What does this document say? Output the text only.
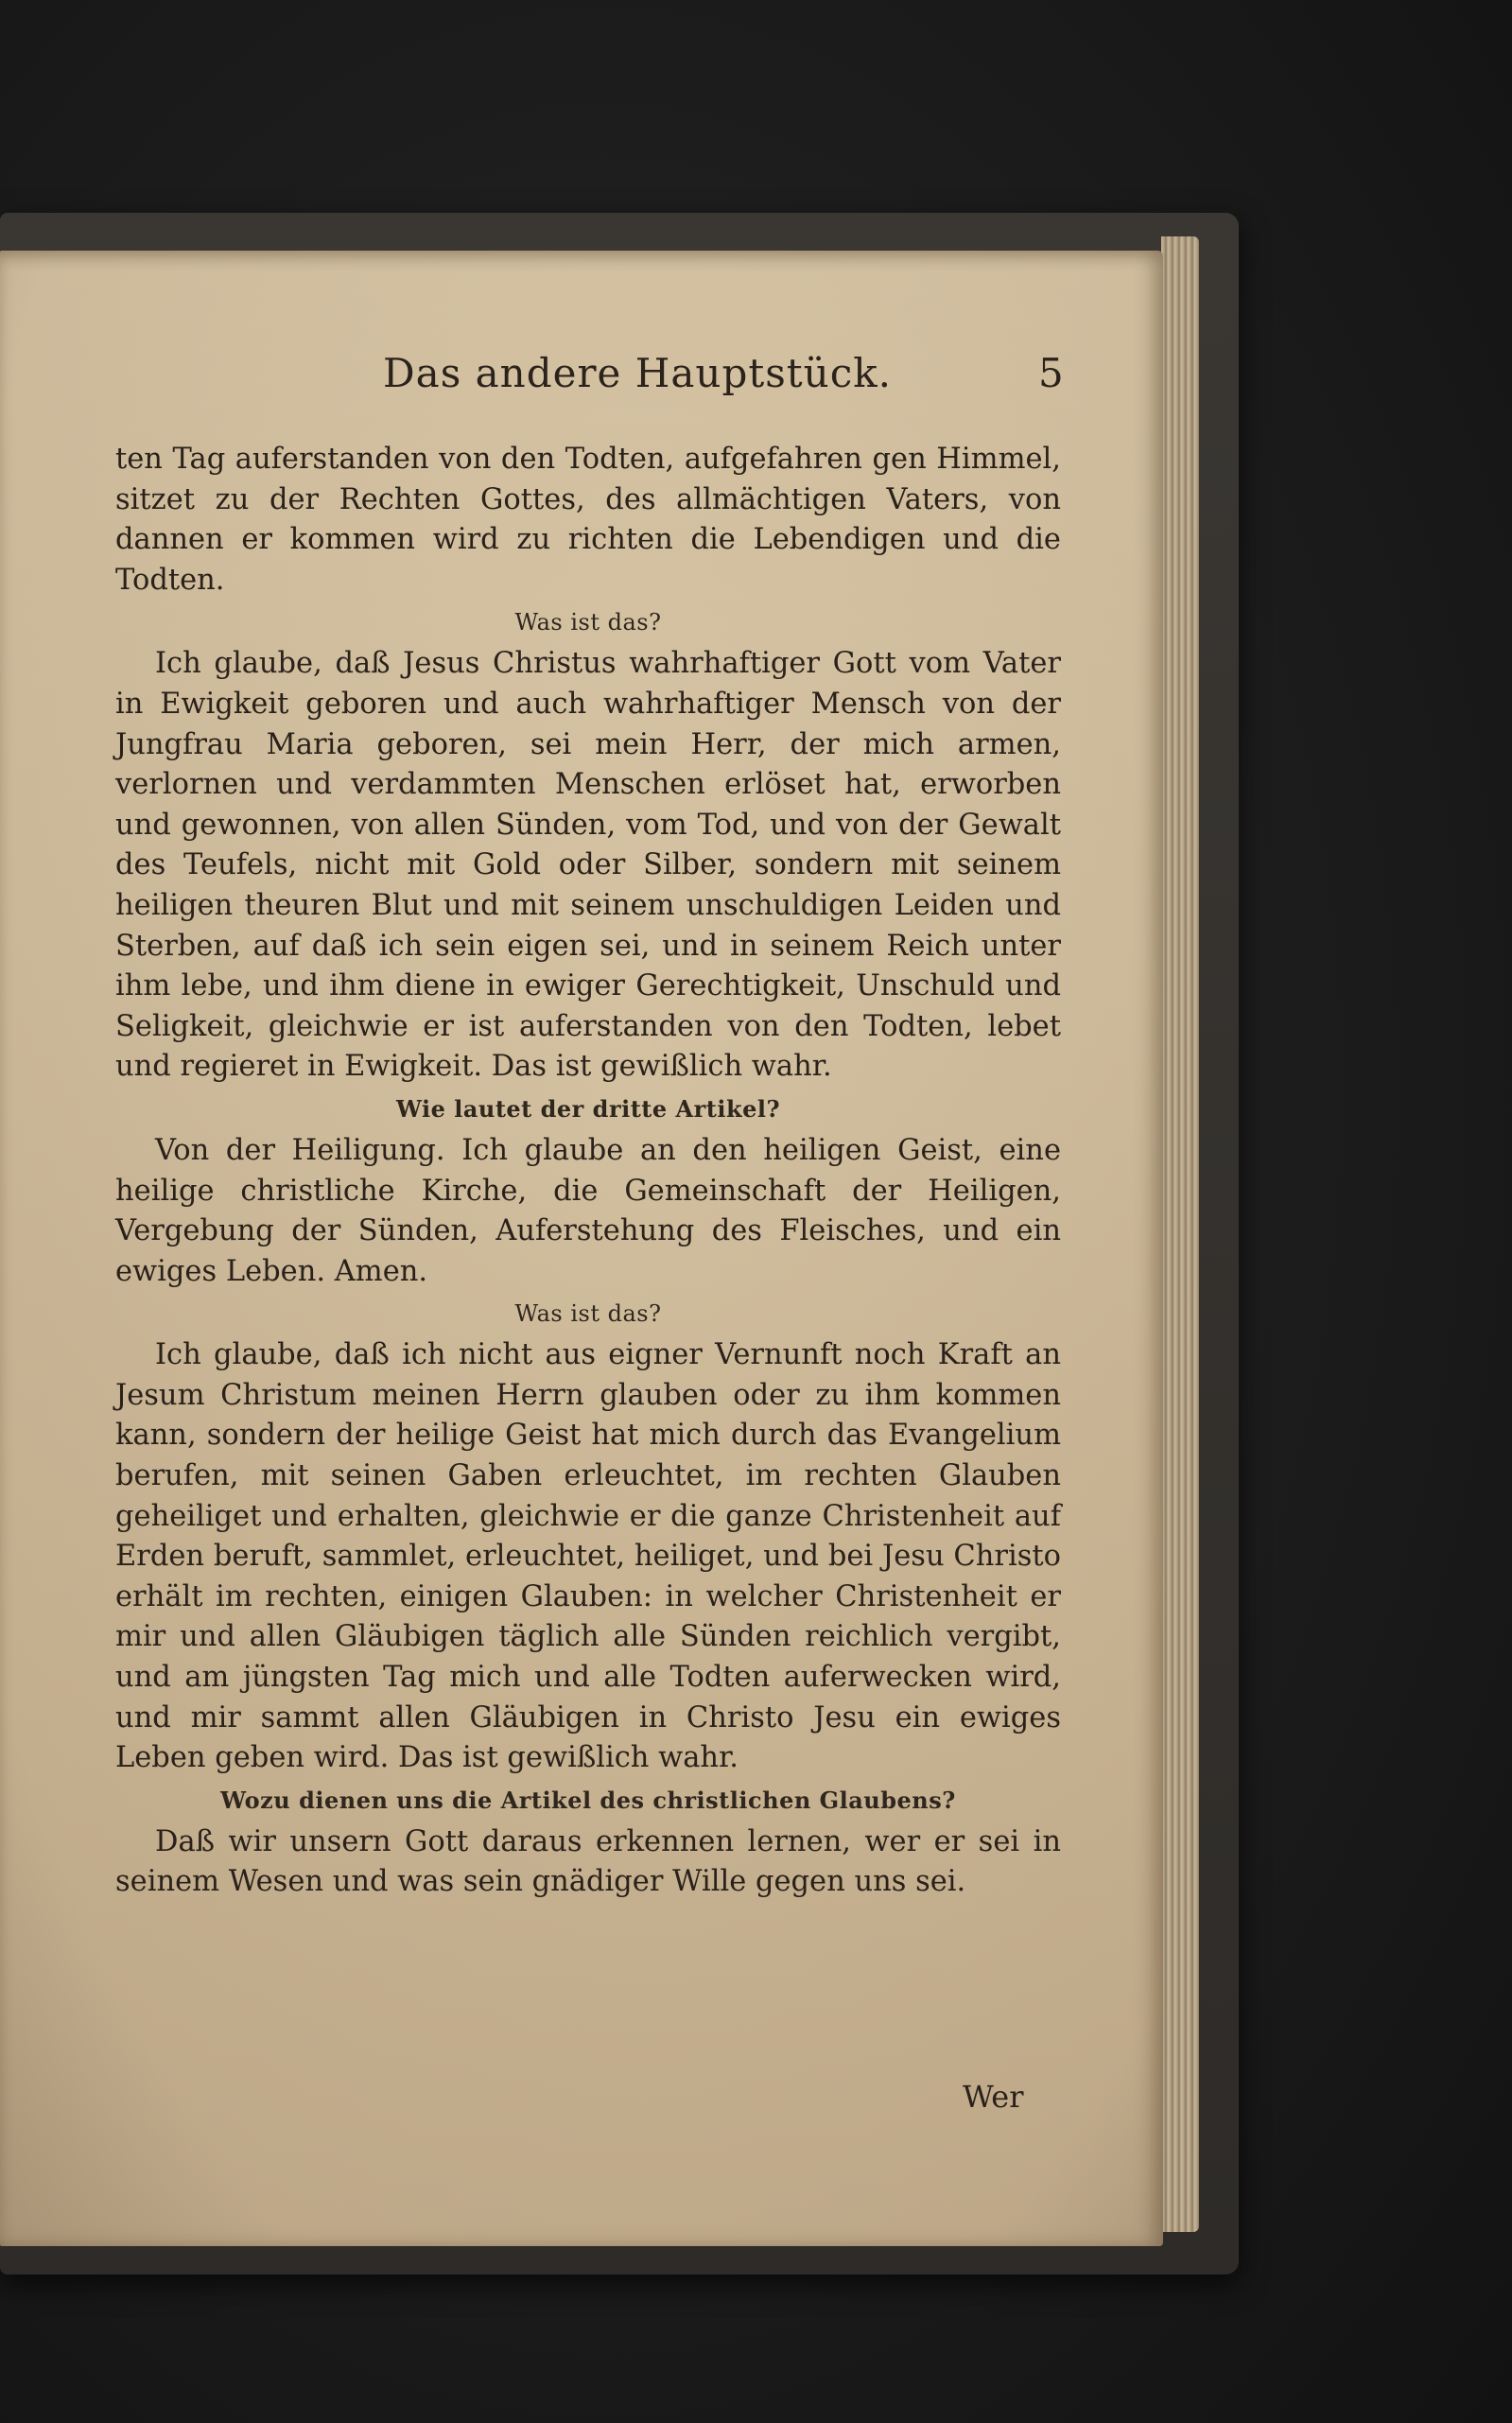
Das andere Hauptstück.	5

ten Tag auferstanden von den Todten, aufgefahren gen Himmel, sitzet zu der Rechten Gottes, des allmächtigen Vaters, von dannen er kommen wird zu richten die Lebendigen und die Todten.

Was ist das?

Ich glaube, daß Jesus Christus wahrhaftiger Gott vom Vater in Ewigkeit geboren und auch wahrhaftiger Mensch von der Jungfrau Maria geboren, sei mein Herr, der mich armen, verlornen und verdammten Menschen erlöset hat, erworben und gewonnen, von allen Sünden, vom Tod, und von der Gewalt des Teufels, nicht mit Gold oder Silber, sondern mit seinem heiligen theuren Blut und mit seinem unschuldigen Leiden und Sterben, auf daß ich sein eigen sei, und in seinem Reich unter ihm lebe, und ihm diene in ewiger Gerechtigkeit, Unschuld und Seligkeit, gleichwie er ist auferstanden von den Todten, lebet und regieret in Ewigkeit. Das ist gewißlich wahr.

Wie lautet der dritte Artikel?

Von der Heiligung. Ich glaube an den heiligen Geist, eine heilige christliche Kirche, die Gemeinschaft der Heiligen, Vergebung der Sünden, Auferstehung des Fleisches, und ein ewiges Leben. Amen.

Was ist das?

Ich glaube, daß ich nicht aus eigner Vernunft noch Kraft an Jesum Christum meinen Herrn glauben oder zu ihm kommen kann, sondern der heilige Geist hat mich durch das Evangelium berufen, mit seinen Gaben erleuchtet, im rechten Glauben geheiliget und erhalten, gleichwie er die ganze Christenheit auf Erden beruft, sammlet, erleuchtet, heiliget, und bei Jesu Christo erhält im rechten, einigen Glauben: in welcher Christenheit er mir und allen Gläubigen täglich alle Sünden reichlich vergibt, und am jüngsten Tag mich und alle Todten auferwecken wird, und mir sammt allen Gläubigen in Christo Jesu ein ewiges Leben geben wird. Das ist gewißlich wahr.

Wozu dienen uns die Artikel des christlichen Glaubens?

Daß wir unsern Gott daraus erkennen lernen, wer er sei in seinem Wesen und was sein gnädiger Wille gegen uns sei.

Wer
